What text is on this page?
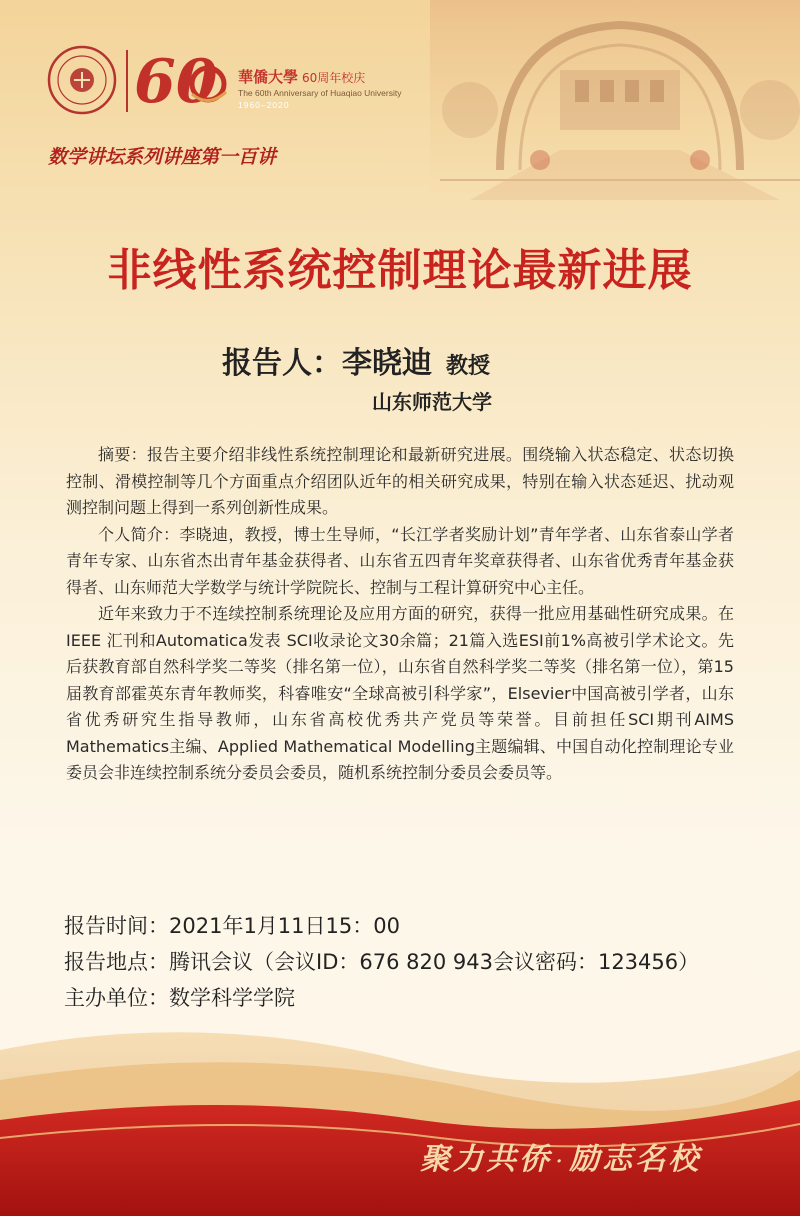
60 華僑大學 60周年校庆
The 60th Anniversary of Huaqiao University
1960–2020
数学讲坛系列讲座第一百讲
非线性系统控制理论最新进展
报告人：李晓迪 教授
山东师范大学

摘要：报告主要介绍非线性系统控制理论和最新研究进展。围绕输入状态稳定、状态切换控制、滑模控制等几个方面重点介绍团队近年的相关研究成果，特别在输入状态延迟、扰动观测控制问题上得到一系列创新性成果。

个人简介：李晓迪，教授，博士生导师，“长江学者奖励计划”青年学者、山东省泰山学者青年专家、山东省杰出青年基金获得者、山东省五四青年奖章获得者、山东省优秀青年基金获得者、山东师范大学数学与统计学院院长、控制与工程计算研究中心主任。

近年来致力于不连续控制系统理论及应用方面的研究，获得一批应用基础性研究成果。在IEEE 汇刊和Automatica发表 SCI收录论文30余篇；21篇入选ESI前1%高被引学术论文。先后获教育部自然科学奖二等奖（排名第一位），山东省自然科学奖二等奖（排名第一位），第15届教育部霍英东青年教师奖，科睿唯安“全球高被引科学家”，Elsevier中国高被引学者，山东省优秀研究生指导教师，山东省高校优秀共产党员等荣誉。目前担任SCI期刊AIMS Mathematics主编、Applied Mathematical Modelling主题编辑、中国自动化控制理论专业委员会非连续控制系统分委员会委员，随机系统控制分委员会委员等。

报告时间：2021年1月11日15：00
报告地点：腾讯会议（会议ID：676 820 943会议密码：123456）
主办单位：数学科学学院
聚力共侨 · 励志名校
